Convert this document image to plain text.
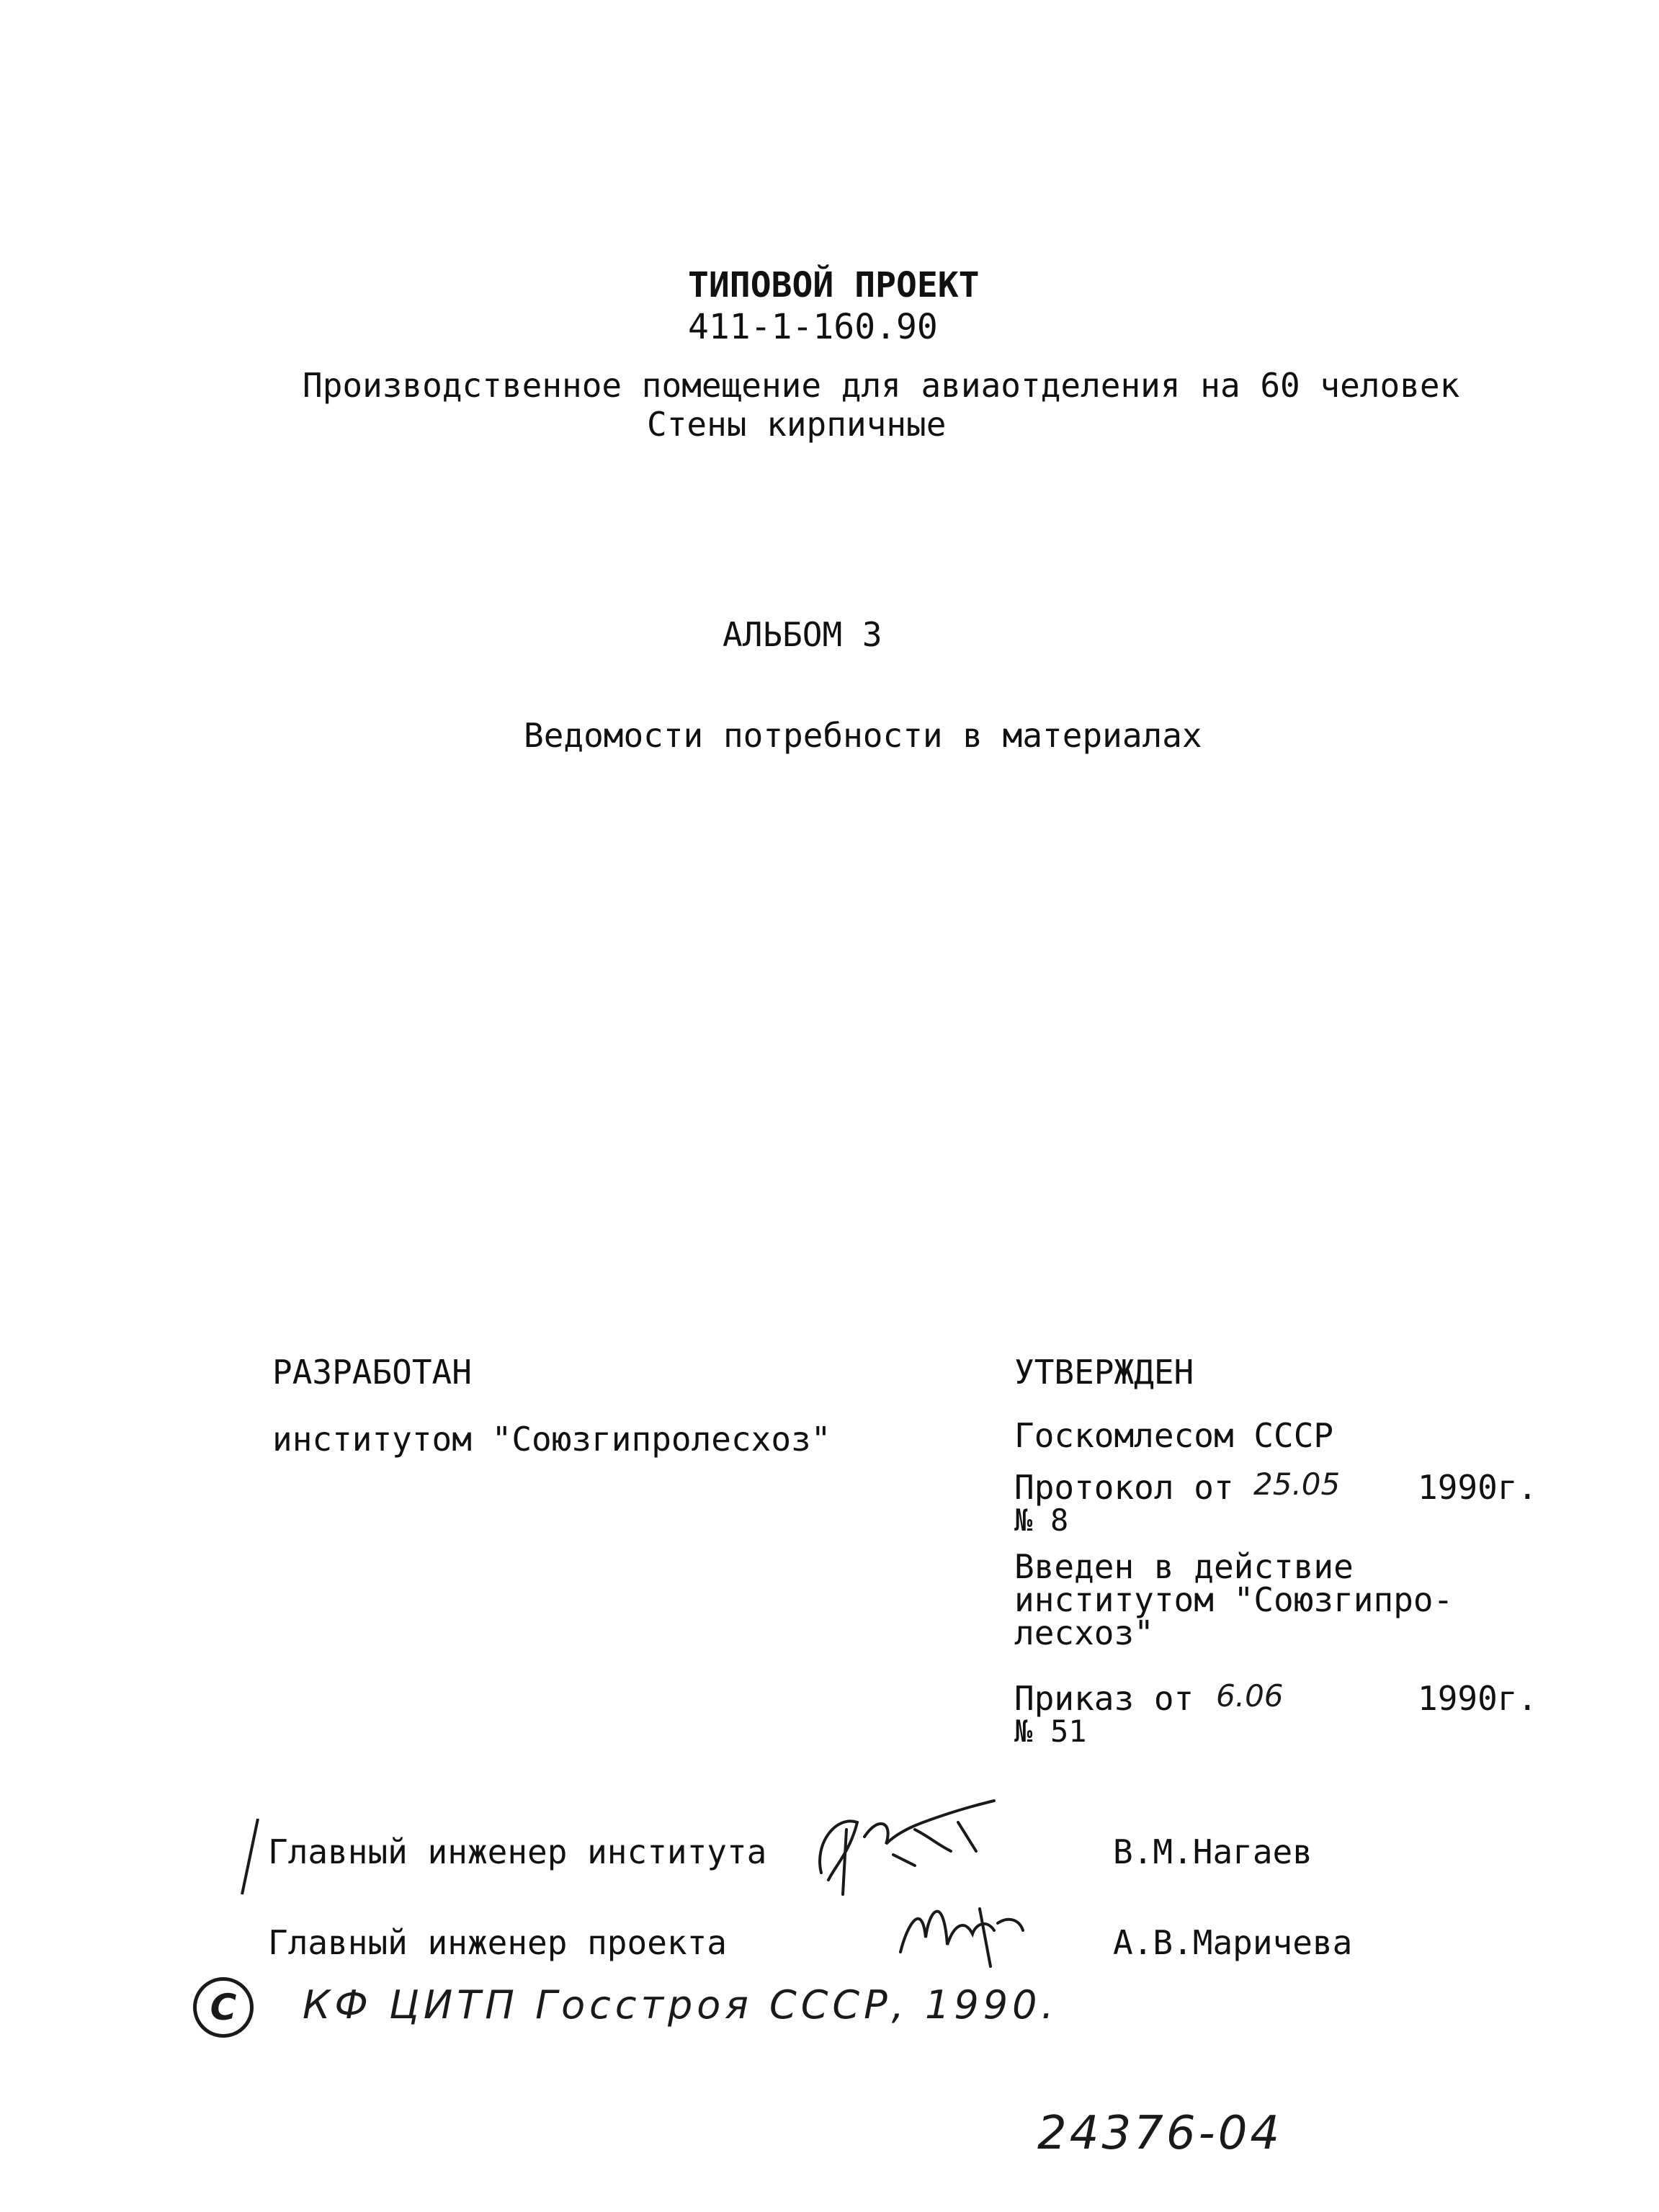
ТИПОВОЙ ПРОЕКТ
411-1-160.90
Производственное помещение для авиаотделения на 60 человек
Стены кирпичные
АЛЬБОМ 3
Ведомости потребности в материалах
РАЗРАБОТАН
институтом "Союзгипролесхоз"
УТВЕРЖДЕН
Госкомлесом СССР
Протокол от 25.05 1990г.
№ 8
Введен в действие
институтом "Союзгипро-
лесхоз"
Приказ от 6.06	1990г.
№ 51
Главный инженер института	В.М.Нагаев
Главный инженер проекта	А.В.Маричева
C КФ ЦИТП Госстроя СССР, 1990.
24376-04
